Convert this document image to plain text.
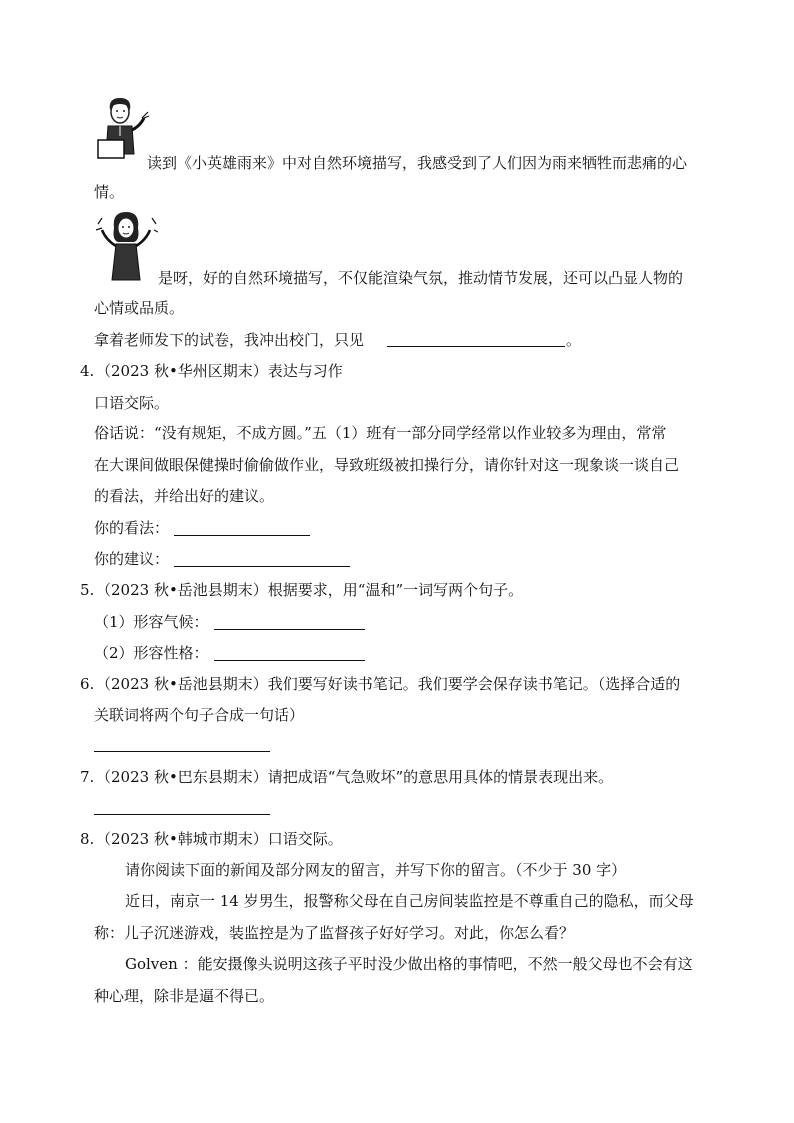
读到《小英雄雨来》中对自然环境描写，我感受到了人们因为雨来牺牲而悲痛的心
情。
是呀，好的自然环境描写，不仅能渲染气氛，推动情节发展，还可以凸显人物的
心情或品质。
拿着老师发下的试卷，我冲出校门，只见	。
4. （2023 秋•华州区期末）表达与习作
口语交际。
俗话说：“没有规矩，不成方圆。”五（1）班有一部分同学经常以作业较多为理由，常常
在大课间做眼保健操时偷偷做作业，导致班级被扣操行分，请你针对这一现象谈一谈自己
的看法，并给出好的建议。
你的看法：
你的建议：
5. （2023 秋•岳池县期末）根据要求，用“温和”一词写两个句子。
（1）形容气候：
（2）形容性格：
6. （2023 秋•岳池县期末）我们要写好读书笔记。我们要学会保存读书笔记。（选择合适的
关联词将两个句子合成一句话）
7. （2023 秋•巴东县期末）请把成语“气急败坏”的意思用具体的情景表现出来。
8. （2023 秋•韩城市期末）口语交际。
请你阅读下面的新闻及部分网友的留言，并写下你的留言。（不少于 30 字）
近日，南京一 14 岁男生，报警称父母在自己房间装监控是不尊重自己的隐私，而父母
称：儿子沉迷游戏，装监控是为了监督孩子好好学习。对此，你怎么看？
Golven ：能安摄像头说明这孩子平时没少做出格的事情吧，不然一般父母也不会有这
种心理，除非是逼不得已。
